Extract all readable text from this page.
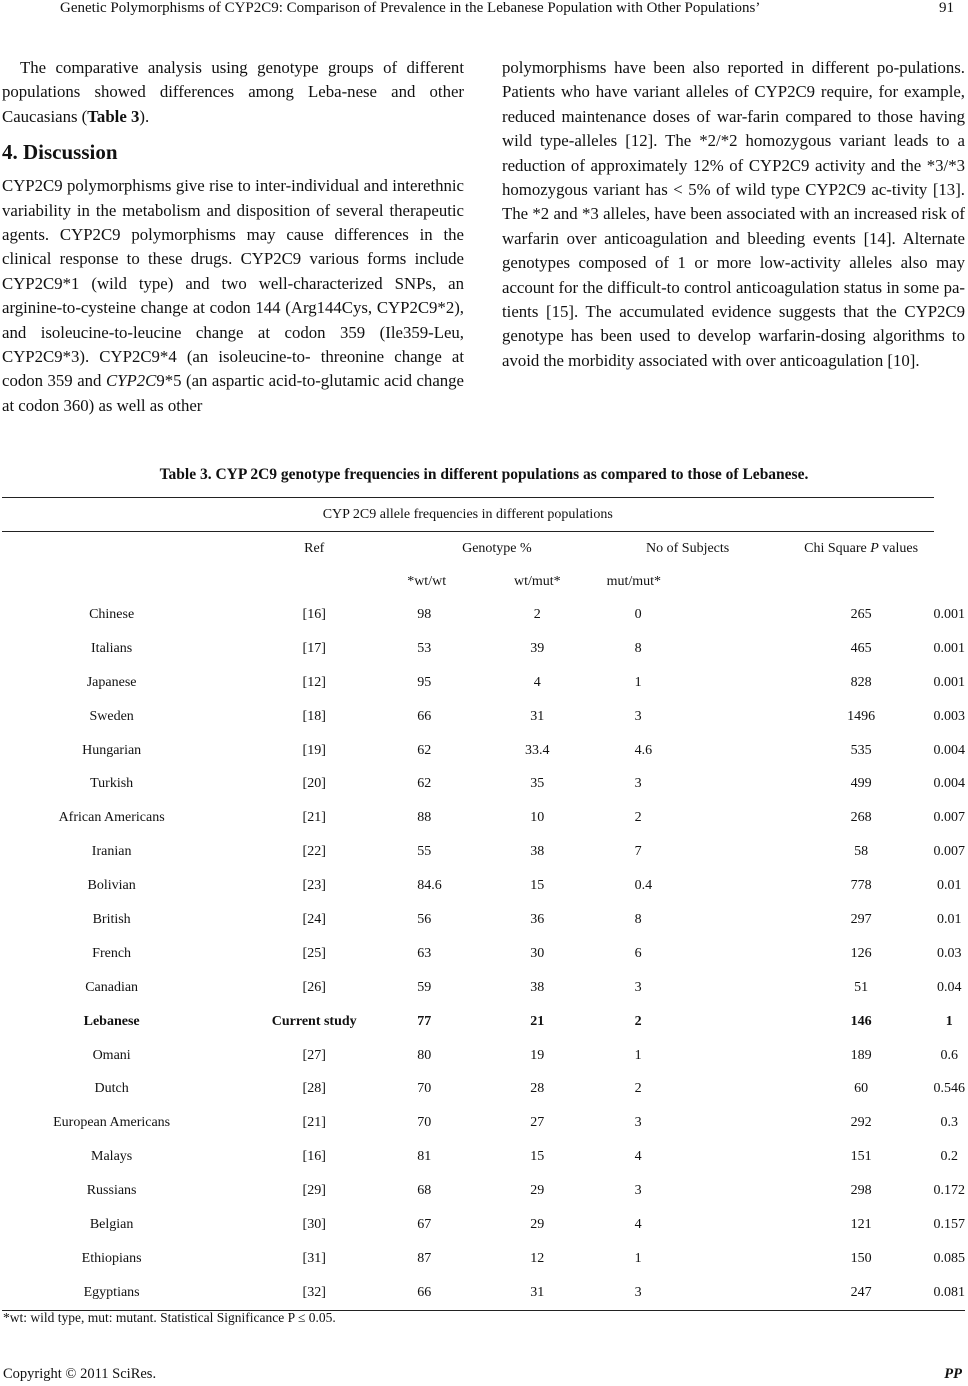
Genetic Polymorphisms of CYP2C9: Comparison of Prevalence in the Lebanese Population with Other Populations’	91

The comparative analysis using genotype groups of different populations showed differences among Leba-nese and other Caucasians (Table 3).

4. Discussion

CYP2C9 polymorphisms give rise to inter-individual and interethnic variability in the metabolism and disposition of several therapeutic agents. CYP2C9 polymorphisms may cause differences in the clinical response to these drugs. CYP2C9 various forms include CYP2C9*1 (wild type) and two well-characterized SNPs, an arginine-to-cysteine change at codon 144 (Arg144Cys, CYP2C9*2), and isoleucine-to-leucine change at codon 359 (Ile359-Leu, CYP2C9*3). CYP2C9*4 (an isoleucine-to- threonine change at codon 359 and CYP2C9*5 (an aspartic acid-to-glutamic acid change at codon 360) as well as other

polymorphisms have been also reported in different po-pulations. Patients who have variant alleles of CYP2C9 require, for example, reduced maintenance doses of war-farin compared to those having wild type-alleles [12]. The *2/*2 homozygous variant leads to a reduction of approximately 12% of CYP2C9 activity and the *3/*3 homozygous variant has < 5% of wild type CYP2C9 ac-tivity [13]. The *2 and *3 alleles, have been associated with an increased risk of warfarin over anticoagulation and bleeding events [14]. Alternate genotypes composed of 1 or more low-activity alleles also may account for the difficult-to control anticoagulation status in some pa-tients [15]. The accumulated evidence suggests that the CYP2C9 genotype has been used to develop warfarin-dosing algorithms to avoid the morbidity associated with over anticoagulation [10].

Table 3. CYP 2C9 genotype frequencies in different populations as compared to those of Lebanese.
CYP 2C9 allele frequencies in different populations						
	Ref	Genotype %		No of Subjects	Chi Square P values	
		*wt/wt	wt/mut*	mut/mut*		
Chinese	[16]	98	2	0	265	0.001
Italians	[17]	53	39	8	465	0.001
Japanese	[12]	95	4	1	828	0.001
Sweden	[18]	66	31	3	1496	0.003
Hungarian	[19]	62	33.4	4.6	535	0.004
Turkish	[20]	62	35	3	499	0.004
African Americans	[21]	88	10	2	268	0.007
Iranian	[22]	55	38	7	58	0.007
Bolivian	[23]	84.6	15	0.4	778	0.01
British	[24]	56	36	8	297	0.01
French	[25]	63	30	6	126	0.03
Canadian	[26]	59	38	3	51	0.04
Lebanese	Current study	77	21	2	146	1
Omani	[27]	80	19	1	189	0.6
Dutch	[28]	70	28	2	60	0.546
European Americans	[21]	70	27	3	292	0.3
Malays	[16]	81	15	4	151	0.2
Russians	[29]	68	29	3	298	0.172
Belgian	[30]	67	29	4	121	0.157
Ethiopians	[31]	87	12	1	150	0.085
Egyptians	[32]	66	31	3	247	0.081
*wt: wild type, mut: mutant. Statistical Significance P ≤ 0.05.
Copyright © 2011 SciRes.	PP
